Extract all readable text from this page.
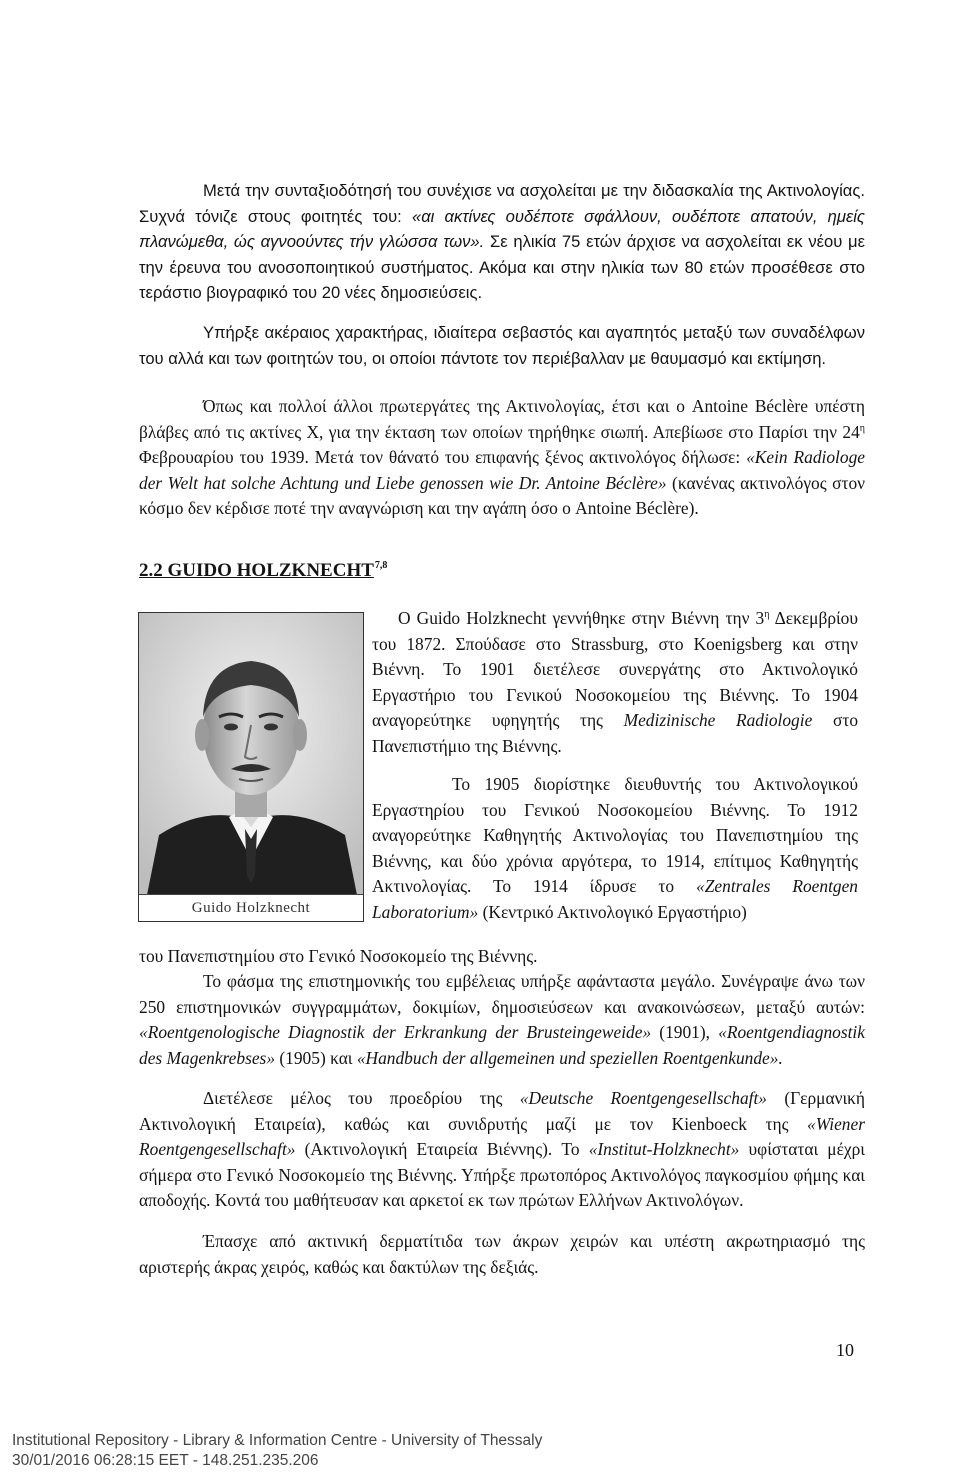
Μετά την συνταξιοδότησή του συνέχισε να ασχολείται με την διδασκαλία της Ακτινολογίας. Συχνά τόνιζε στους φοιτητές του: «αι ακτίνες ουδέποτε σφάλλουν, ουδέποτε απατούν, ημείς πλανώμεθα, ώς αγνοούντες τήν γλώσσα των». Σε ηλικία 75 ετών άρχισε να ασχολείται εκ νέου με την έρευνα του ανοσοποιητικού συστήματος. Ακόμα και στην ηλικία των 80 ετών προσέθεσε στο τεράστιο βιογραφικό του 20 νέες δημοσιεύσεις.

Υπήρξε ακέραιος χαρακτήρας, ιδιαίτερα σεβαστός και αγαπητός μεταξύ των συναδέλφων του αλλά και των φοιτητών του, οι οποίοι πάντοτε τον περιέβαλλαν με θαυμασμό και εκτίμηση.

Όπως και πολλοί άλλοι πρωτεργάτες της Ακτινολογίας, έτσι και ο Antoine Béclère υπέστη βλάβες από τις ακτίνες X, για την έκταση των οποίων τηρήθηκε σιωπή. Απεβίωσε στο Παρίσι την $24^\eta$ Φεβρουαρίου του 1939. Μετά τον θάνατό του επιφανής ξένος ακτινολόγος δήλωσε: «Kein Radiologe der Welt hat solche Achtung und Liebe genossen wie Dr. Antoine Béclère» (κανένας ακτινολόγος στον κόσμο δεν κέρδισε ποτέ την αναγνώριση και την αγάπη όσο ο Antoine Béclère).

2.2 GUIDO HOLZKNECHT$^{7,8}$
Guido Holzknecht

Ο Guido Holzknecht γεννήθηκε στην Βιέννη την $3^\eta$ Δεκεμβρίου του 1872. Σπούδασε στο Strassburg, στο Koenigsberg και στην Βιέννη. Το 1901 διετέλεσε συνεργάτης στο Ακτινολογικό Εργαστήριο του Γενικού Νοσοκομείου της Βιέννης. Το 1904 αναγορεύτηκε υφηγητής της Medizinische Radiologie στο Πανεπιστήμιο της Βιέννης.

Το 1905 διορίστηκε διευθυντής του Ακτινολογικού Εργαστηρίου του Γενικού Νοσοκομείου Βιέννης. Το 1912 αναγορεύτηκε Καθηγητής Ακτινολογίας του Πανεπιστημίου της Βιέννης, και δύο χρόνια αργότερα, το 1914, επίτιμος Καθηγητής Ακτινολογίας. Το 1914 ίδρυσε το «Zentrales Roentgen Laboratorium» (Κεντρικό Ακτινολογικό Εργαστήριο)

του Πανεπιστημίου στο Γενικό Νοσοκομείο της Βιέννης.

Το φάσμα της επιστημονικής του εμβέλειας υπήρξε αφάνταστα μεγάλο. Συνέγραψε άνω των 250 επιστημονικών συγγραμμάτων, δοκιμίων, δημοσιεύσεων και ανακοινώσεων, μεταξύ αυτών: «Roentgenologische Diagnostik der Erkrankung der Brusteingeweide» (1901), «Roentgendiagnostik des Magenkrebses» (1905) και «Handbuch der allgemeinen und speziellen Roentgenkunde».

Διετέλεσε μέλος του προεδρίου της «Deutsche Roentgengesellschaft» (Γερμανική Ακτινολογική Εταιρεία), καθώς και συνιδρυτής μαζί με τον Kienboeck της «Wiener Roentgengesellschaft» (Ακτινολογική Εταιρεία Βιέννης). Το «Institut-Holzknecht» υφίσταται μέχρι σήμερα στο Γενικό Νοσοκομείο της Βιέννης. Υπήρξε πρωτοπόρος Ακτινολόγος παγκοσμίου φήμης και αποδοχής. Κοντά του μαθήτευσαν και αρκετοί εκ των πρώτων Ελλήνων Ακτινολόγων.

Έπασχε από ακτινική δερματίτιδα των άκρων χειρών και υπέστη ακρωτηριασμό της αριστερής άκρας χειρός, καθώς και δακτύλων της δεξιάς.

10

Institutional Repository - Library & Information Centre - University of Thessaly

30/01/2016 06:28:15 EET - 148.251.235.206
